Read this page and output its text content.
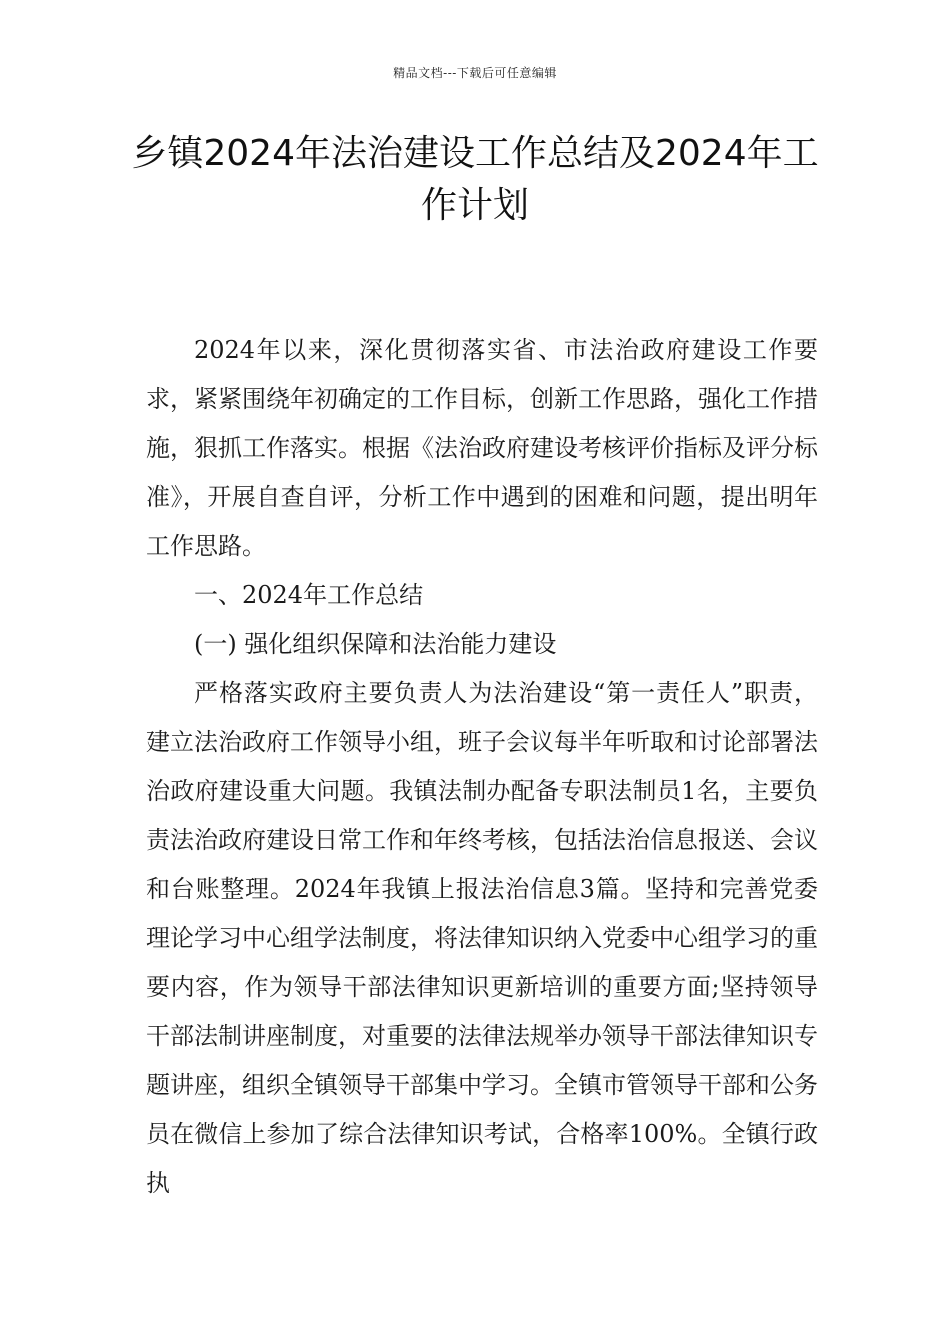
精品文档---下载后可任意编辑
乡镇2024年法治建设工作总结及2024年工作计划

2024年以来，深化贯彻落实省、市法治政府建设工作要求，紧紧围绕年初确定的工作目标，创新工作思路，强化工作措施，狠抓工作落实。根据《法治政府建设考核评价指标及评分标准》，开展自查自评，分析工作中遇到的困难和问题，提出明年工作思路。

一、2024年工作总结

(一) 强化组织保障和法治能力建设

严格落实政府主要负责人为法治建设“第一责任人”职责，建立法治政府工作领导小组，班子会议每半年听取和讨论部署法治政府建设重大问题。我镇法制办配备专职法制员1名，主要负责法治政府建设日常工作和年终考核，包括法治信息报送、会议和台账整理。2024年我镇上报法治信息3篇。坚持和完善党委理论学习中心组学法制度，将法律知识纳入党委中心组学习的重要内容，作为领导干部法律知识更新培训的重要方面;坚持领导干部法制讲座制度，对重要的法律法规举办领导干部法律知识专题讲座，组织全镇领导干部集中学习。全镇市管领导干部和公务员在微信上参加了综合法律知识考试，合格率100%。全镇行政执
